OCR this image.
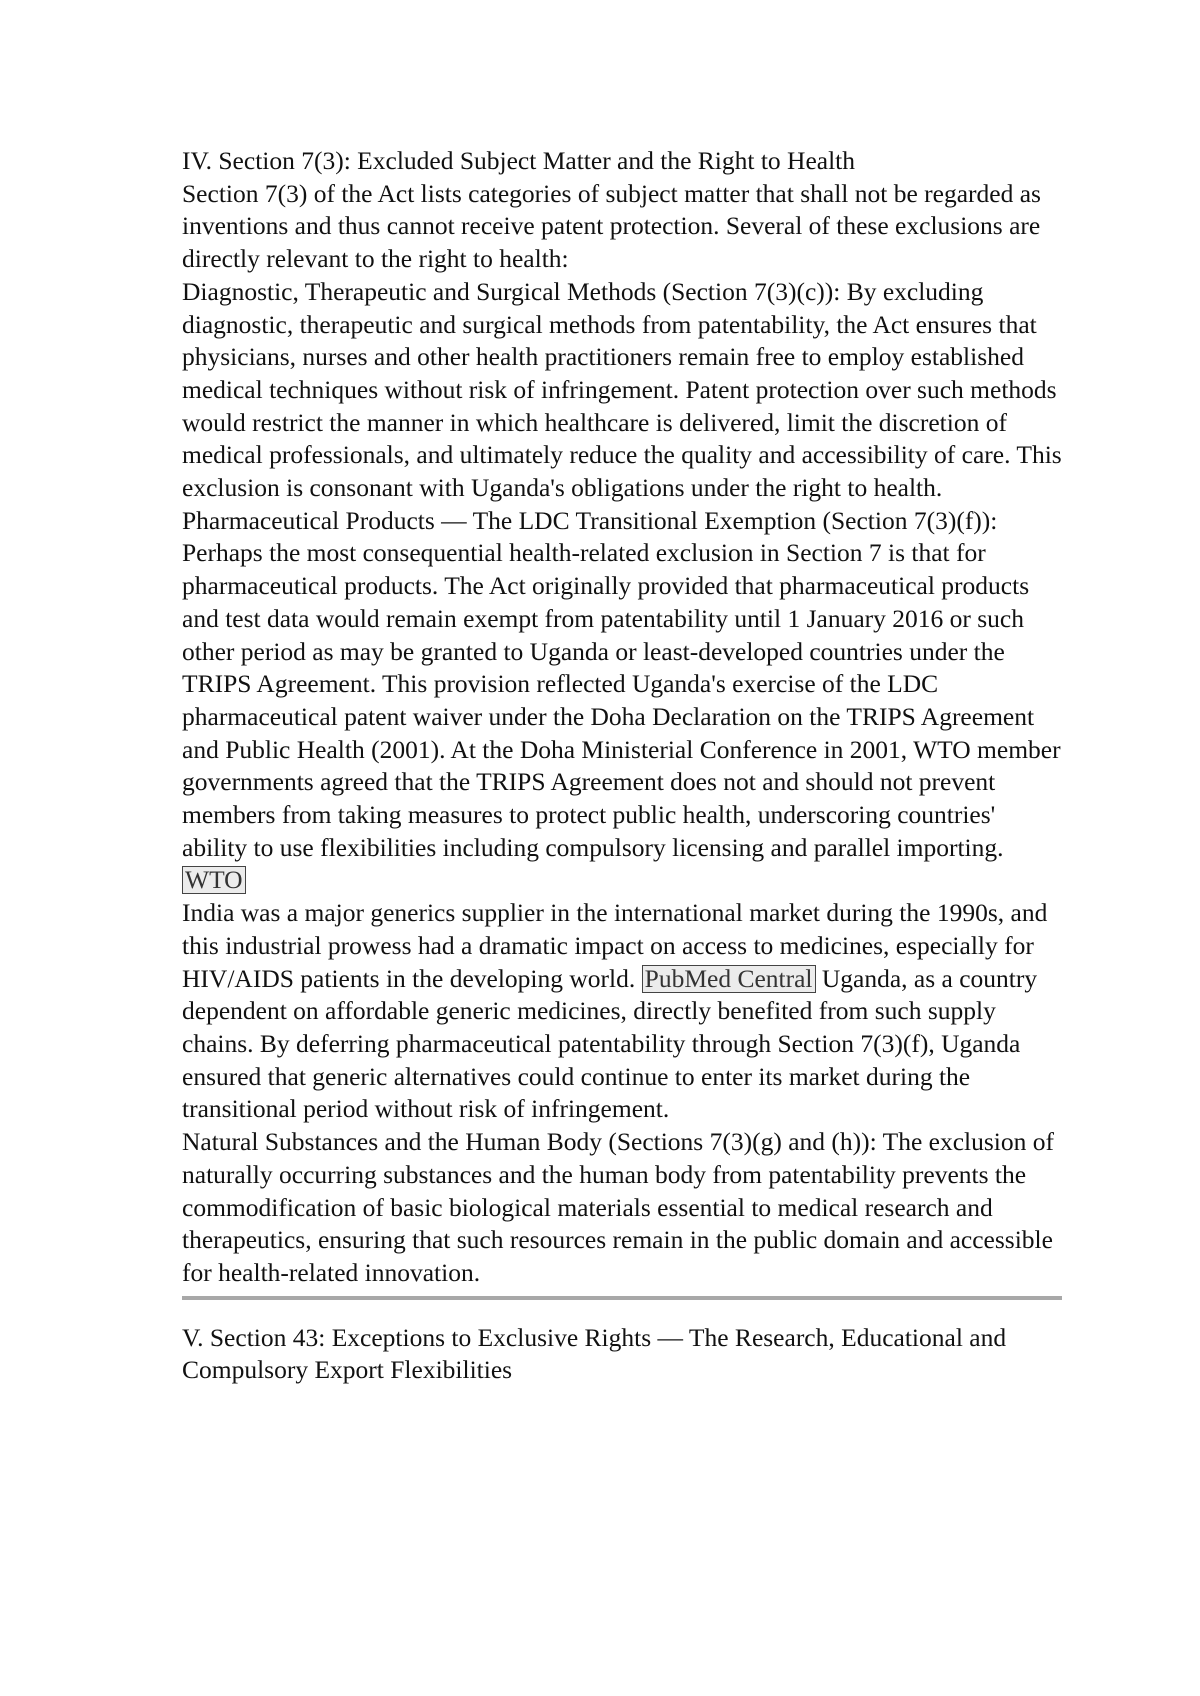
IV. Section 7(3): Excluded Subject Matter and the Right to Health

Section 7(3) of the Act lists categories of subject matter that shall not be regarded as inventions and thus cannot receive patent protection. Several of these exclusions are directly relevant to the right to health:

Diagnostic, Therapeutic and Surgical Methods (Section 7(3)(c)): By excluding diagnostic, therapeutic and surgical methods from patentability, the Act ensures that physicians, nurses and other health practitioners remain free to employ established medical techniques without risk of infringement. Patent protection over such methods would restrict the manner in which healthcare is delivered, limit the discretion of medical professionals, and ultimately reduce the quality and accessibility of care. This exclusion is consonant with Uganda's obligations under the right to health.

Pharmaceutical Products — The LDC Transitional Exemption (Section 7(3)(f)): Perhaps the most consequential health-related exclusion in Section 7 is that for pharmaceutical products. The Act originally provided that pharmaceutical products and test data would remain exempt from patentability until 1 January 2016 or such other period as may be granted to Uganda or least-developed countries under the TRIPS Agreement. This provision reflected Uganda's exercise of the LDC pharmaceutical patent waiver under the Doha Declaration on the TRIPS Agreement and Public Health (2001). At the Doha Ministerial Conference in 2001, WTO member governments agreed that the TRIPS Agreement does not and should not prevent members from taking measures to protect public health, underscoring countries' ability to use flexibilities including compulsory licensing and parallel importing. WTO

India was a major generics supplier in the international market during the 1990s, and this industrial prowess had a dramatic impact on access to medicines, especially for HIV/AIDS patients in the developing world. PubMed Central Uganda, as a country dependent on affordable generic medicines, directly benefited from such supply chains. By deferring pharmaceutical patentability through Section 7(3)(f), Uganda ensured that generic alternatives could continue to enter its market during the transitional period without risk of infringement.

Natural Substances and the Human Body (Sections 7(3)(g) and (h)): The exclusion of naturally occurring substances and the human body from patentability prevents the commodification of basic biological materials essential to medical research and therapeutics, ensuring that such resources remain in the public domain and accessible for health-related innovation.

V. Section 43: Exceptions to Exclusive Rights — The Research, Educational and Compulsory Export Flexibilities
